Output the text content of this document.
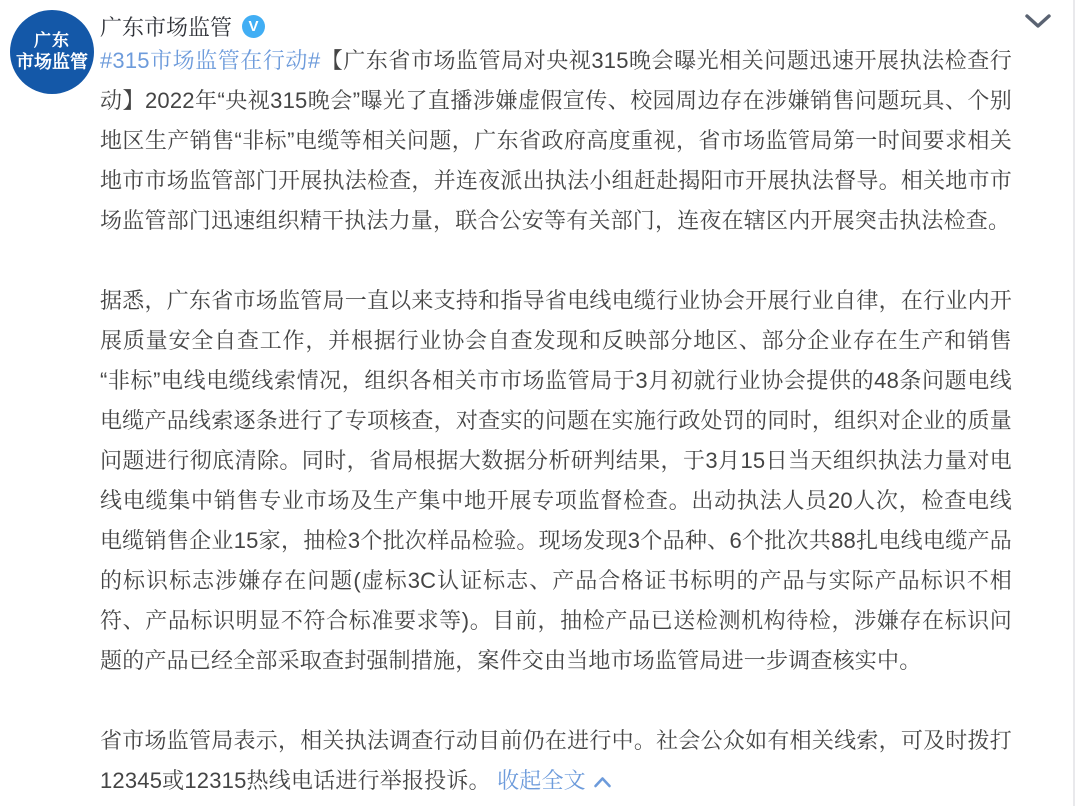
广东
市场监管
广东市场监管 V

#315市场监管在行动#【广东省市场监管局对央视315晚会曝光相关问题迅速开展执法检查行动】2022年“央视315晚会”曝光了直播涉嫌虚假宣传、校园周边存在涉嫌销售问题玩具、个别地区生产销售“非标”电缆等相关问题，广东省政府高度重视，省市场监管局第一时间要求相关地市市场监管部门开展执法检查，并连夜派出执法小组赶赴揭阳市开展执法督导。相关地市市场监管部门迅速组织精干执法力量，联合公安等有关部门，连夜在辖区内开展突击执法检查。

据悉，广东省市场监管局一直以来支持和指导省电线电缆行业协会开展行业自律，在行业内开展质量安全自查工作，并根据行业协会自查发现和反映部分地区、部分企业存在生产和销售“非标”电线电缆线索情况，组织各相关市市场监管局于3月初就行业协会提供的48条问题电线电缆产品线索逐条进行了专项核查，对查实的问题在实施行政处罚的同时，组织对企业的质量问题进行彻底清除。同时，省局根据大数据分析研判结果，于3月15日当天组织执法力量对电线电缆集中销售专业市场及生产集中地开展专项监督检查。出动执法人员20人次，检查电线电缆销售企业15家，抽检3个批次样品检验。现场发现3个品种、6个批次共88扎电线电缆产品的标识标志涉嫌存在问题(虚标3C认证标志、产品合格证书标明的产品与实际产品标识不相符、产品标识明显不符合标准要求等)。目前，抽检产品已送检测机构待检，涉嫌存在标识问题的产品已经全部采取查封强制措施，案件交由当地市场监管局进一步调查核实中。

省市场监管局表示，相关执法调查行动目前仍在进行中。社会公众如有相关线索，可及时拨打12345或12315热线电话进行举报投诉。 收起全文
